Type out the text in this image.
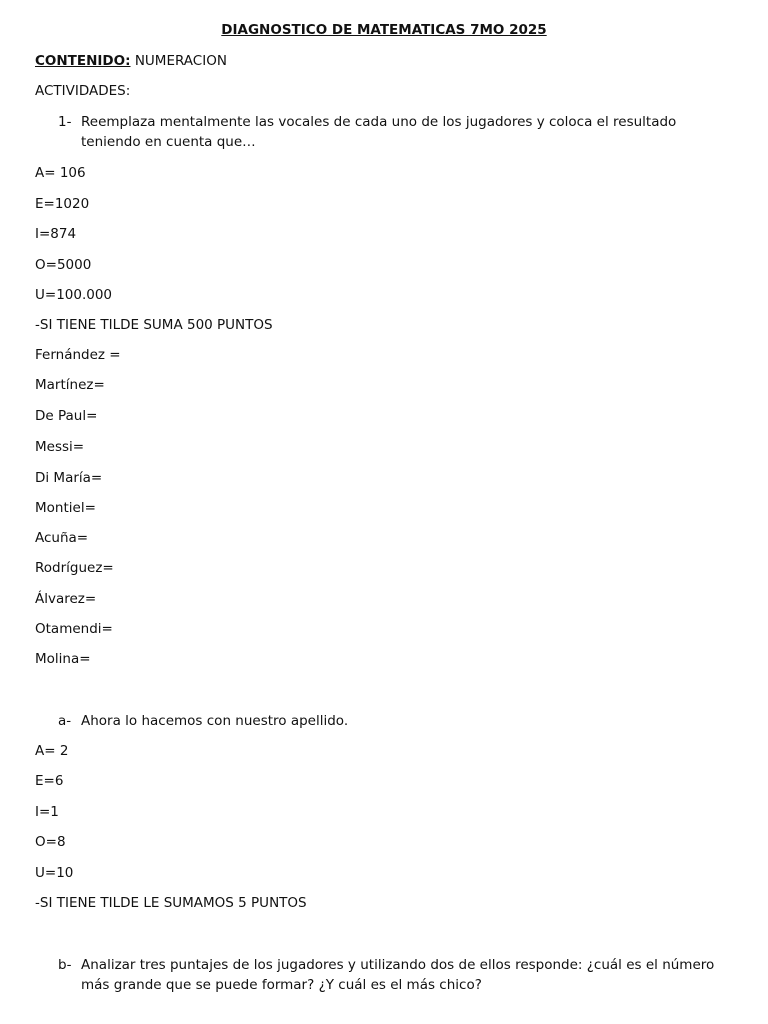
DIAGNOSTICO DE MATEMATICAS 7MO 2025
CONTENIDO: NUMERACION
ACTIVIDADES:
1- Reemplaza mentalmente las vocales de cada uno de los jugadores y coloca el resultado
teniendo en cuenta que…
A= 106
E=1020
I=874
O=5000
U=100.000
-SI TIENE TILDE SUMA 500 PUNTOS
Fernández =
Martínez=
De Paul=
Messi=
Di María=
Montiel=
Acuña=
Rodríguez=
Álvarez=
Otamendi=
Molina=
a- Ahora lo hacemos con nuestro apellido.
A= 2
E=6
I=1
O=8
U=10
-SI TIENE TILDE LE SUMAMOS 5 PUNTOS
b- Analizar tres puntajes de los jugadores y utilizando dos de ellos responde: ¿cuál es el número
más grande que se puede formar? ¿Y cuál es el más chico?
